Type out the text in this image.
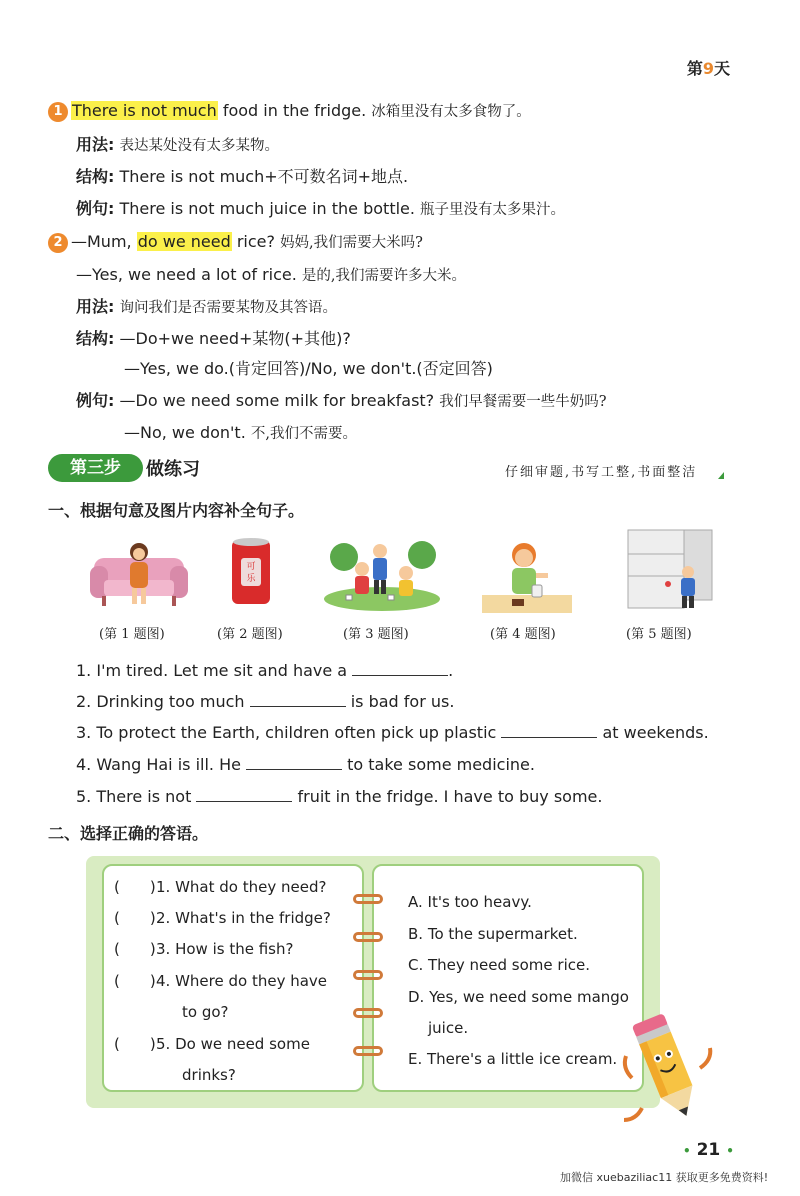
第9天
1 There is not much food in the fridge. 冰箱里没有太多食物了。
用法: 表达某处没有太多某物。
结构: There is not much+不可数名词+地点.
例句: There is not much juice in the bottle. 瓶子里没有太多果汁。
2 —Mum, do we need rice? 妈妈,我们需要大米吗?
—Yes, we need a lot of rice. 是的,我们需要许多大米。
用法: 询问我们是否需要某物及其答语。
结构: —Do+we need+某物(+其他)?
—Yes, we do.(肯定回答)/No, we don't.(否定回答)
例句: —Do we need some milk for breakfast? 我们早餐需要一些牛奶吗?
—No, we don't. 不,我们不需要。
第三步	做练习	仔细审题,书写工整,书面整洁
一、根据句意及图片内容补全句子。
可
乐
(第 1 题图)	(第 2 题图)	(第 3 题图)	(第 4 题图)	(第 5 题图)
1. I'm tired. Let me sit and have a	.
2. Drinking too much	is bad for us.
3. To protect the Earth, children often pick up plastic	at weekends.
4. Wang Hai is ill. He	to take some medicine.
5. There is not	fruit in the fridge. I have to buy some.
二、选择正确的答语。
( )1. What do they need?
( )2. What's in the fridge?
( )3. How is the fish?
( )4. Where do they have
to go?
( )5. Do we need some
drinks?
A. It's too heavy.
B. To the supermarket.
C. They need some rice.
D. Yes, we need some mango
juice.
E. There's a little ice cream.
• 21 •
加微信 xuebaziliac11 获取更多免费资料!
